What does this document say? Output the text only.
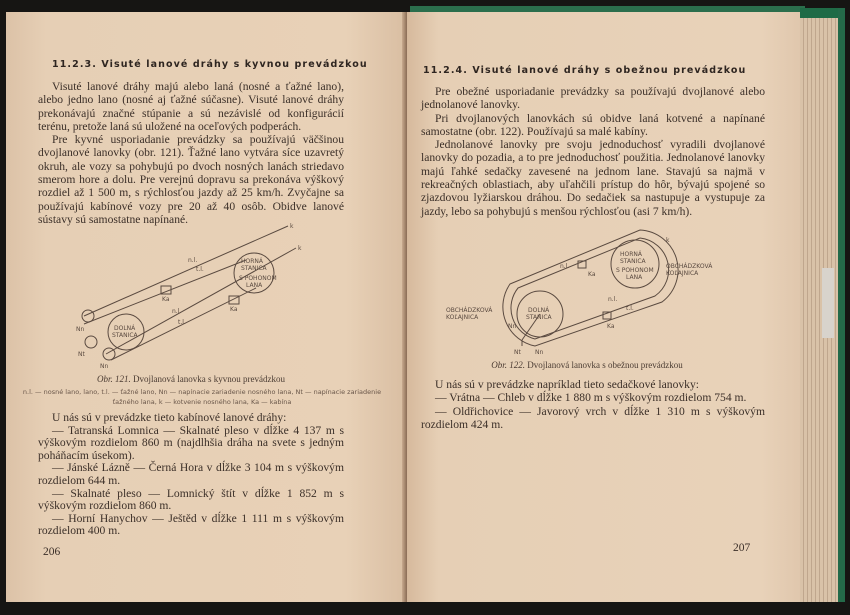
11.2.3. Visuté lanové dráhy s kyvnou prevádzkou

Visuté lanové dráhy majú alebo laná (nosné a ťažné lano), alebo jedno lano (nosné aj ťažné súčasne). Visuté lanové dráhy prekonávajú značné stúpanie a sú nezávislé od konfigurácií terénu, pretože laná sú uložené na oceľových podperách.

Pre kyvné usporiadanie prevádzky sa používajú väčšinou dvojlanové lanovky (obr. 121). Ťažné lano vytvára síce uzavretý okruh, ale vozy sa pohybujú po dvoch nosných lanách striedavo smerom hore a dolu. Pre verejnú dopravu sa prekonáva výškový rozdiel až 1 500 m, s rýchlosťou jazdy až 25 km/h. Zvyčajne sa používajú kabínové vozy pre 20 až 40 osôb. Obidve lanové sústavy sú samostatne napínané.

HORNÁ
STANICA
S POHONOM
LANA
DOLNÁ
STANICA
n.l.
t.l.
n.l.
t.l.
Nn
Nt
Nn
Ka
Ka
k
k
Obr. 121. Dvojlanová lanovka s kyvnou prevádzkou
n.l. — nosné lano, lano, t.l. — ťažné lano, Nn — napínacie zariadenie nosného lana, Nt — napínacie zariadenie ťažného lana, k — kotvenie nosného lana, Ka — kabína

U nás sú v prevádzke tieto kabínové lanové dráhy:

— Tatranská Lomnica — Skalnaté pleso v dĺžke 4 137 m s výškovým rozdielom 860 m (najdlhšia dráha na svete s jedným poháňacím úsekom).

— Jánské Lázně — Černá Hora v dĺžke 3 104 m s výškovým rozdielom 644 m.

— Skalnaté pleso — Lomnický štít v dĺžke 1 852 m s výškovým rozdielom 860 m.

— Horní Hanychov — Ještěd v dĺžke 1 111 m s výškovým rozdielom 400 m.

206
11.2.4. Visuté lanové dráhy s obežnou prevádzkou

Pre obežné usporiadanie prevádzky sa používajú dvojlanové alebo jednolanové lanovky.

Pri dvojlanových lanovkách sú obidve laná kotvené a napínané samostatne (obr. 122). Používajú sa malé kabíny.

Jednolanové lanovky pre svoju jednoduchosť vyradili dvojlanové lanovky do pozadia, a to pre jednoduchosť použitia. Jednolanové lanovky majú ľahké sedačky zavesené na jednom lane. Stavajú sa najmä v rekreačných oblastiach, aby uľahčili prístup do hôr, bývajú spojené so zjazdovou lyžiarskou dráhou. Do sedačiek sa nastupuje a vystupuje za jazdy, lebo sa pohybujú s menšou rýchlosťou (asi 7 km/h).

HORNÁ
STANICA
S POHONOM
LANA
DOLNÁ
STANICA
OBCHÁDZKOVÁ
KOĽAJNICA
OBCHÁDZKOVÁ
KOĽAJNICA
n.l.
n.l.
t.l.
Ka
Ka
Nn
Nt Nn
k
Obr. 122. Dvojlanová lanovka s obežnou prevádzkou

U nás sú v prevádzke napríklad tieto sedačkové lanovky:

— Vrátna — Chleb v dĺžke 1 880 m s výškovým rozdielom 754 m.

— Oldřichovice — Javorový vrch v dĺžke 1 310 m s výškovým rozdielom 424 m.

207
